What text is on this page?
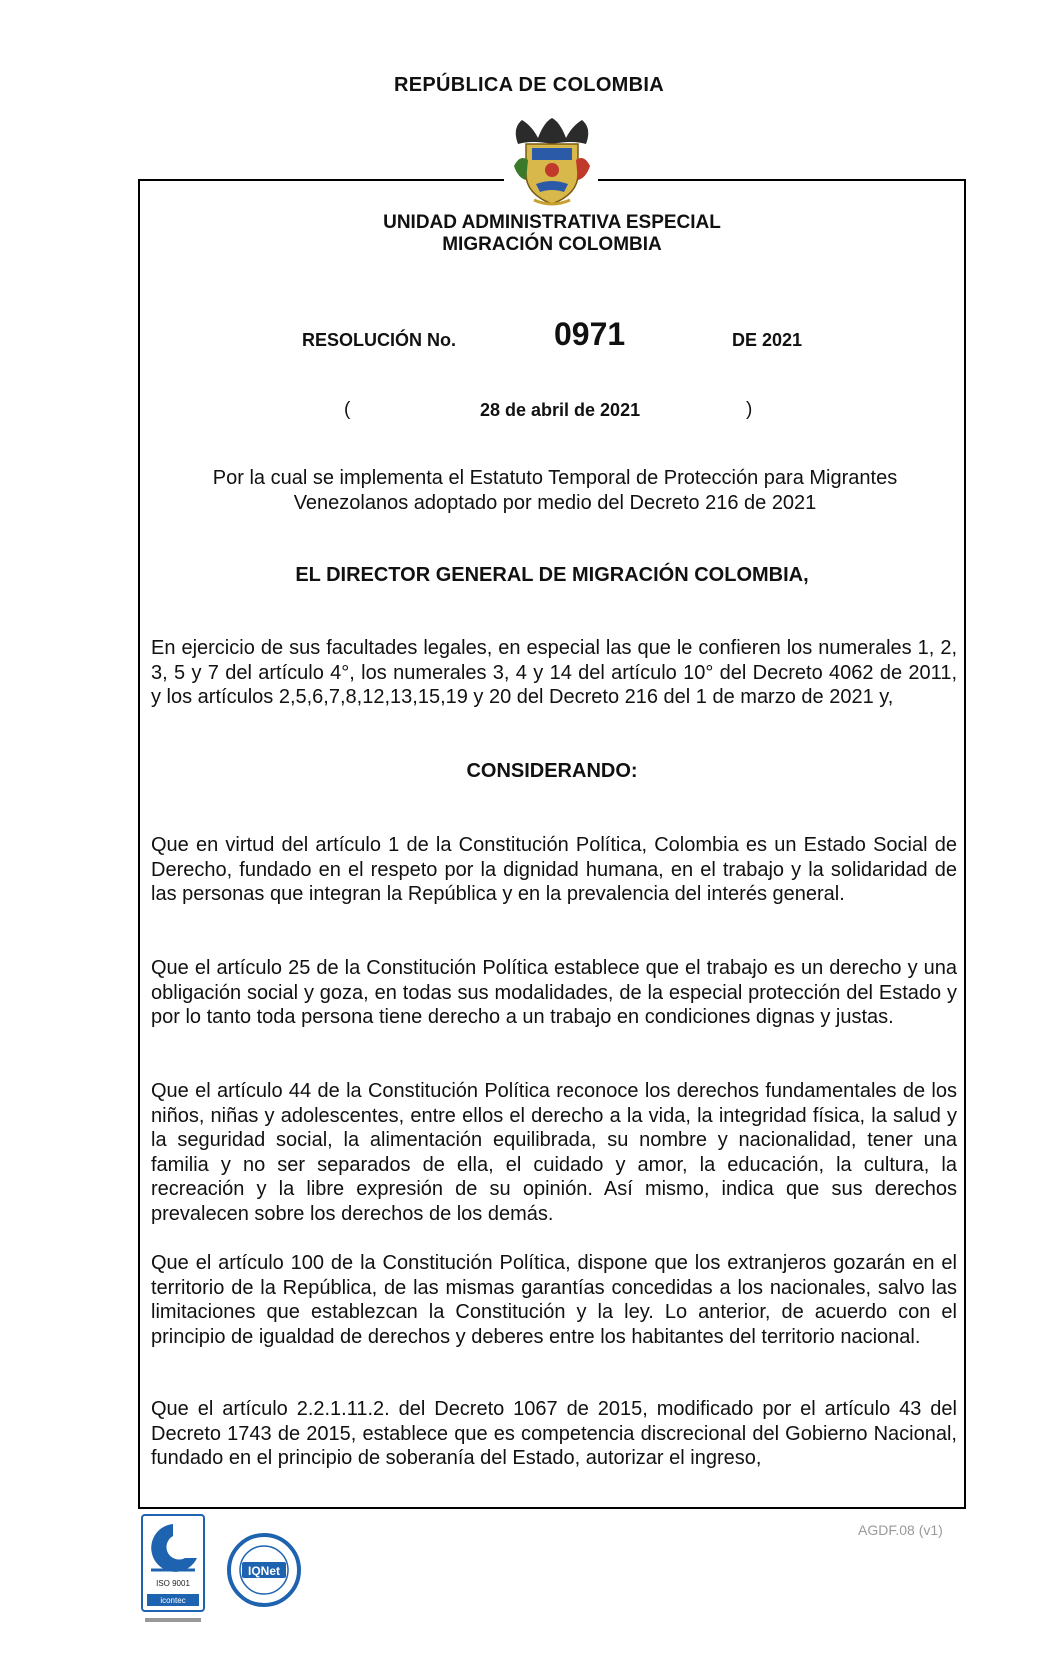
REPÚBLICA DE COLOMBIA
UNIDAD ADMINISTRATIVA ESPECIAL
MIGRACIÓN COLOMBIA
RESOLUCIÓN No.	0971	DE 2021
(	28 de abril de 2021	)
Por la cual se implementa el Estatuto Temporal de Protección para Migrantes
Venezolanos adoptado por medio del Decreto 216 de 2021
EL DIRECTOR GENERAL DE MIGRACIÓN COLOMBIA,
En ejercicio de sus facultades legales, en especial las que le confieren los numerales 1, 2, 3, 5 y 7 del artículo 4°, los numerales 3, 4 y 14 del artículo 10° del Decreto 4062 de 2011, y los artículos 2,5,6,7,8,12,13,15,19 y 20 del Decreto 216 del 1 de marzo de 2021 y,
CONSIDERANDO:
Que en virtud del artículo 1 de la Constitución Política, Colombia es un Estado Social de Derecho, fundado en el respeto por la dignidad humana, en el trabajo y la solidaridad de las personas que integran la República y en la prevalencia del interés general.
Que el artículo 25 de la Constitución Política establece que el trabajo es un derecho y una obligación social y goza, en todas sus modalidades, de la especial protección del Estado y por lo tanto toda persona tiene derecho a un trabajo en condiciones dignas y justas.
Que el artículo 44 de la Constitución Política reconoce los derechos fundamentales de los niños, niñas y adolescentes, entre ellos el derecho a la vida, la integridad física, la salud y la seguridad social, la alimentación equilibrada, su nombre y nacionalidad, tener una familia y no ser separados de ella, el cuidado y amor, la educación, la cultura, la recreación y la libre expresión de su opinión. Así mismo, indica que sus derechos prevalecen sobre los derechos de los demás.
Que el artículo 100 de la Constitución Política, dispone que los extranjeros gozarán en el territorio de la República, de las mismas garantías concedidas a los nacionales, salvo las limitaciones que establezcan la Constitución y la ley. Lo anterior, de acuerdo con el principio de igualdad de derechos y deberes entre los habitantes del territorio nacional.
Que el artículo 2.2.1.11.2. del Decreto 1067 de 2015, modificado por el artículo 43 del Decreto 1743 de 2015, establece que es competencia discrecional del Gobierno Nacional, fundado en el principio de soberanía del Estado, autorizar el ingreso,
AGDF.08 (v1)
ISO 9001
icontec
IQNet
